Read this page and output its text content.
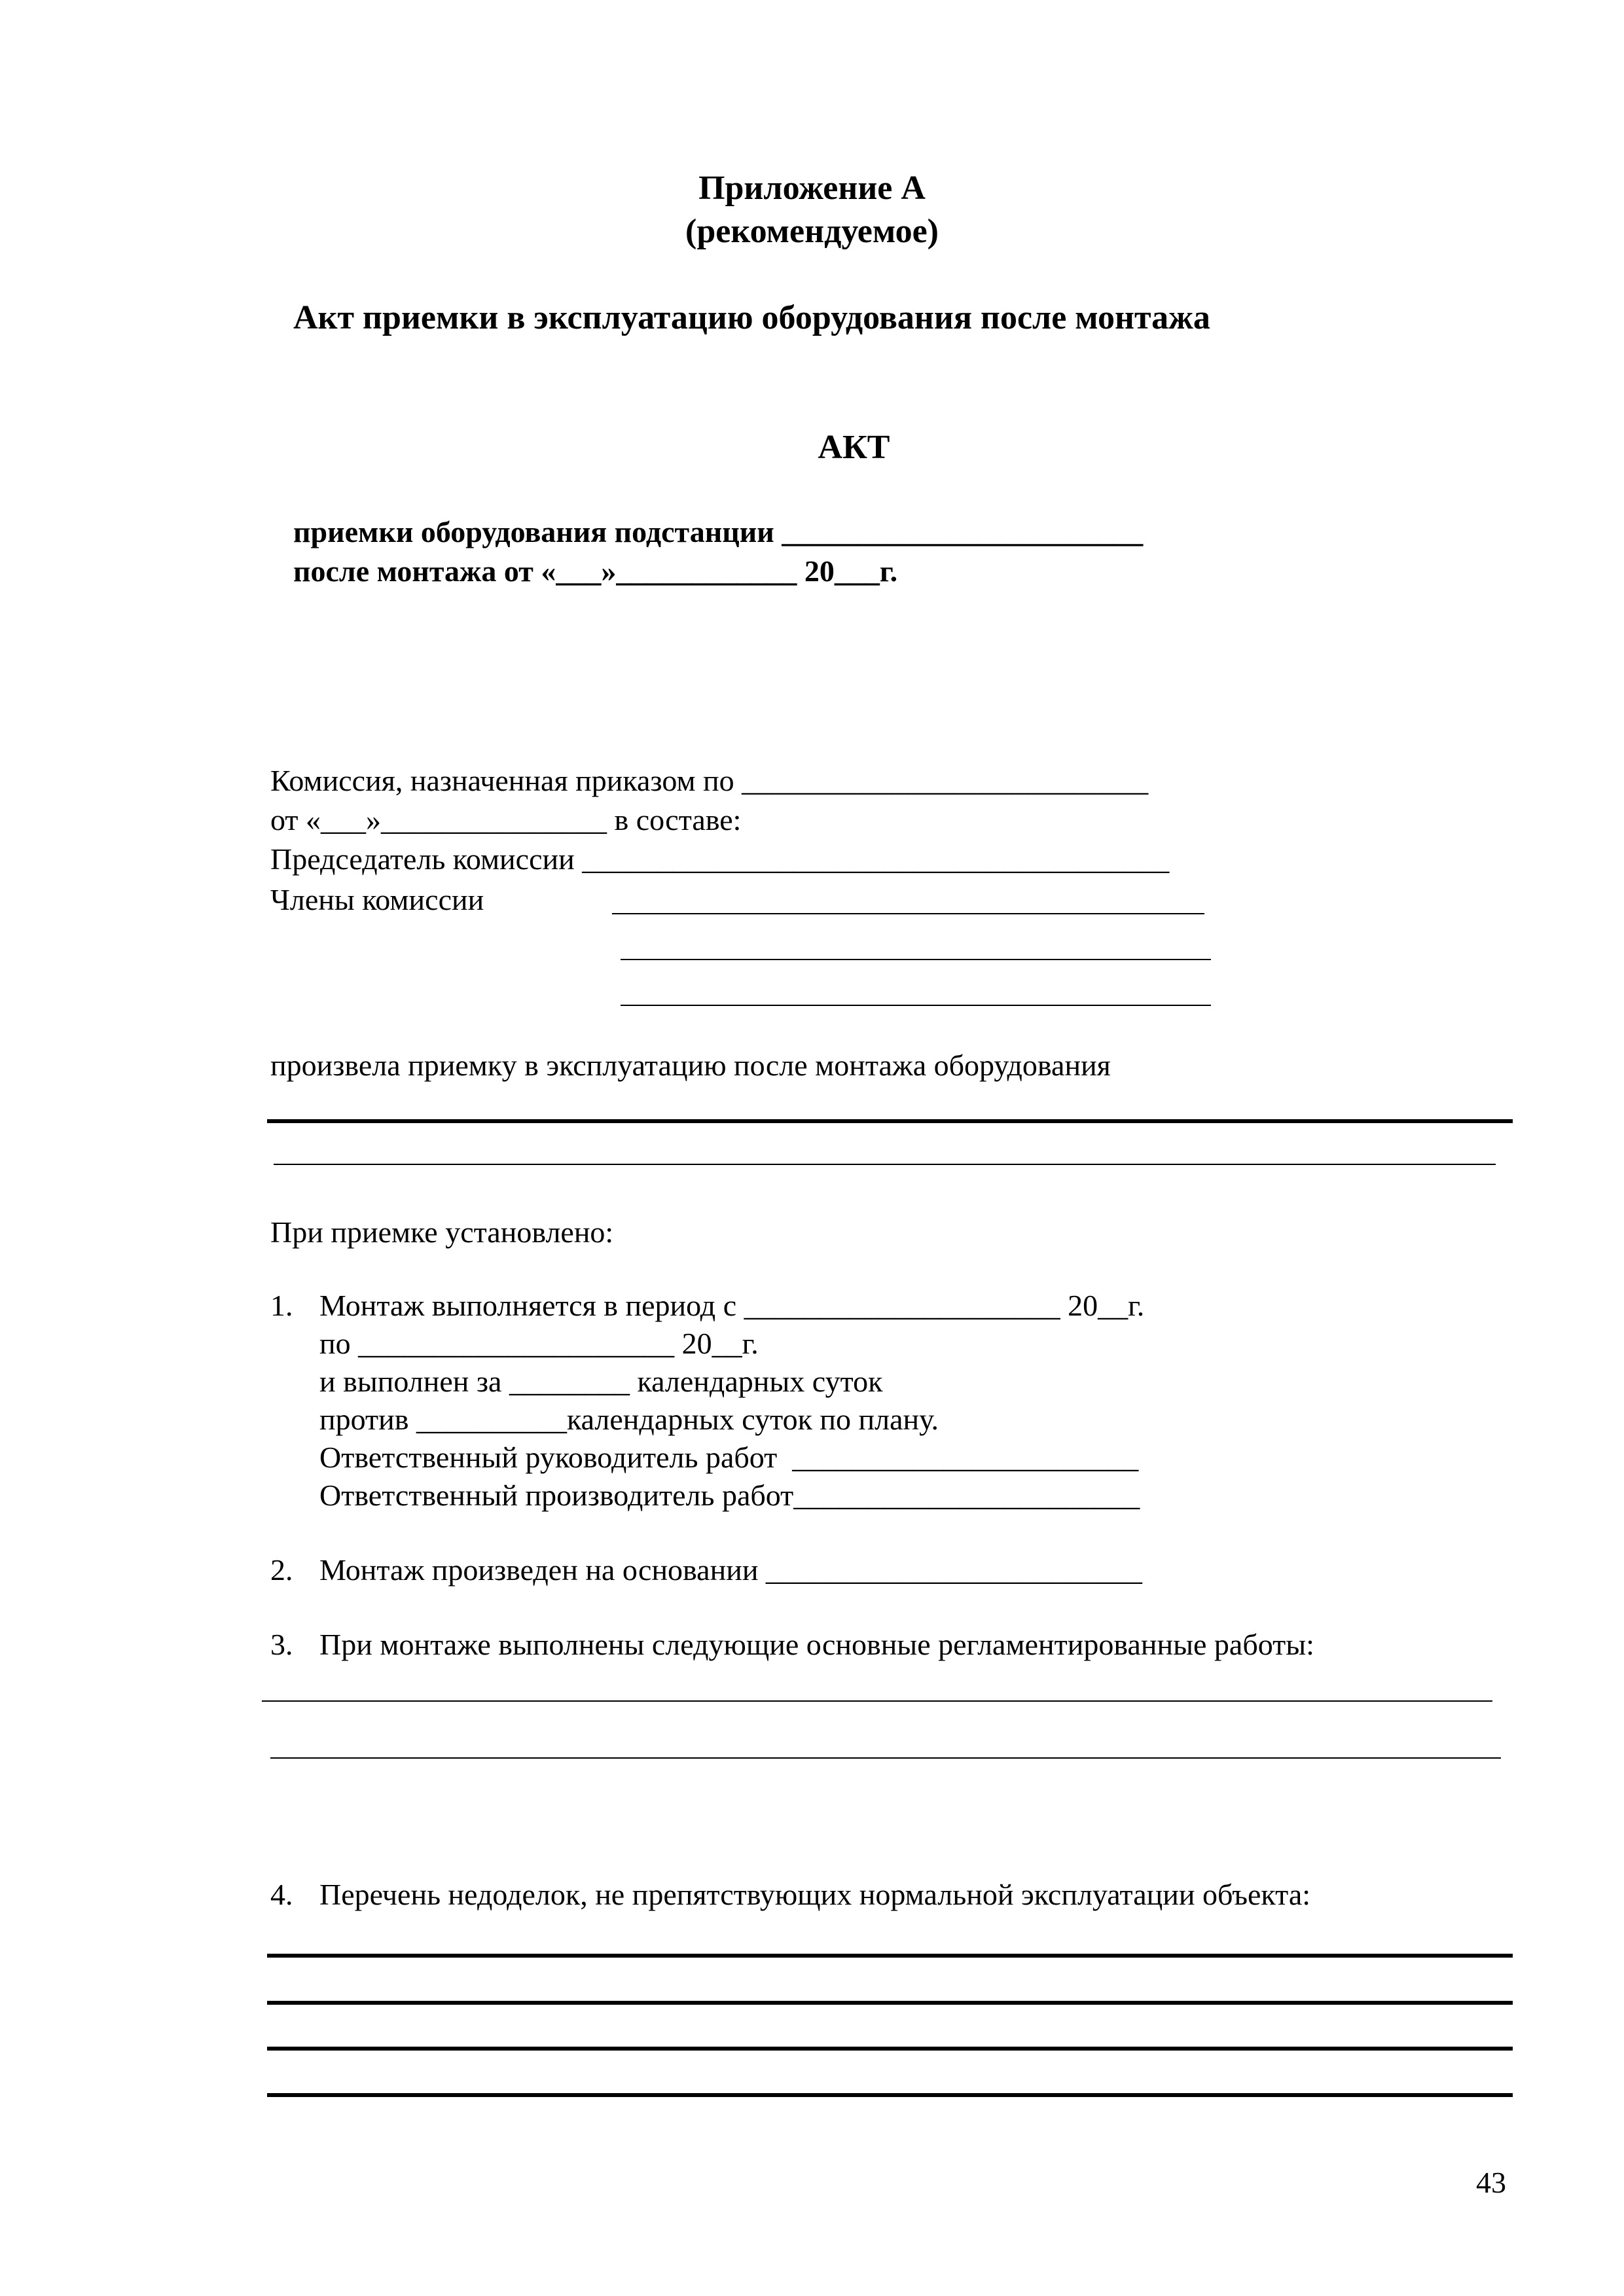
Приложение А
(рекомендуемое)
Акт приемки в эксплуатацию оборудования после монтажа
АКТ
приемки оборудования подстанции ________________________
после монтажа от «___»____________ 20___г.
Комиссия, назначенная приказом по ___________________________
от «___»_______________ в составе:
Председатель комиссии _______________________________________
Члены комиссии
произвела приемку в эксплуатацию после монтажа оборудования
При приемке установлено:
1. Монтаж выполняется в период с _____________________ 20__г.
по _____________________ 20__г.
и выполнен за ________ календарных суток
против __________календарных суток по плану.
Ответственный руководитель работ  _______________________
Ответственный производитель работ_______________________
2. Монтаж произведен на основании _________________________
3. При монтаже выполнены следующие основные регламентированные работы:
4. Перечень недоделок, не препятствующих нормальной эксплуатации объекта:
43
